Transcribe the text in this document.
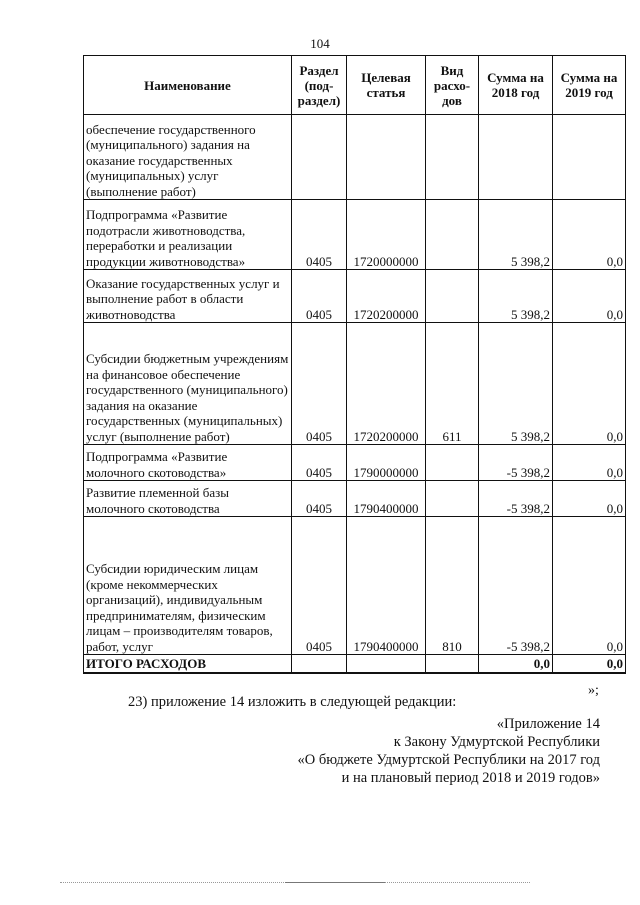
104
Наименование	Раздел (под-раздел)	Целевая статья	Вид расхо-дов	Сумма на 2018 год	Сумма на 2019 год
обеспечение государственного (муниципального) задания на оказание государственных (муниципальных) услуг (выполнение работ)					
Подпрограмма «Развитие подотрасли животноводства, переработки и реализации продукции животноводства»	0405	1720000000		5 398,2	0,0
Оказание государственных услуг и выполнение работ в области животноводства	0405	1720200000		5 398,2	0,0
Субсидии бюджетным учреждениям на финансовое обеспечение государственного (муниципального) задания на оказание государственных (муниципальных) услуг (выполнение работ)	0405	1720200000	611	5 398,2	0,0
Подпрограмма «Развитие молочного скотоводства»	0405	1790000000		-5 398,2	0,0
Развитие племенной базы молочного скотоводства	0405	1790400000		-5 398,2	0,0
Субсидии юридическим лицам (кроме некоммерческих организаций), индивидуальным предпринимателям, физическим лицам – производителям товаров, работ, услуг	0405	1790400000	810	-5 398,2	0,0
ИТОГО РАСХОДОВ				0,0	0,0
»;
23) приложение 14 изложить в следующей редакции:
«Приложение 14
к Закону Удмуртской Республики
«О бюджете Удмуртской Республики на 2017 год
и на плановый период 2018 и 2019 годов»
